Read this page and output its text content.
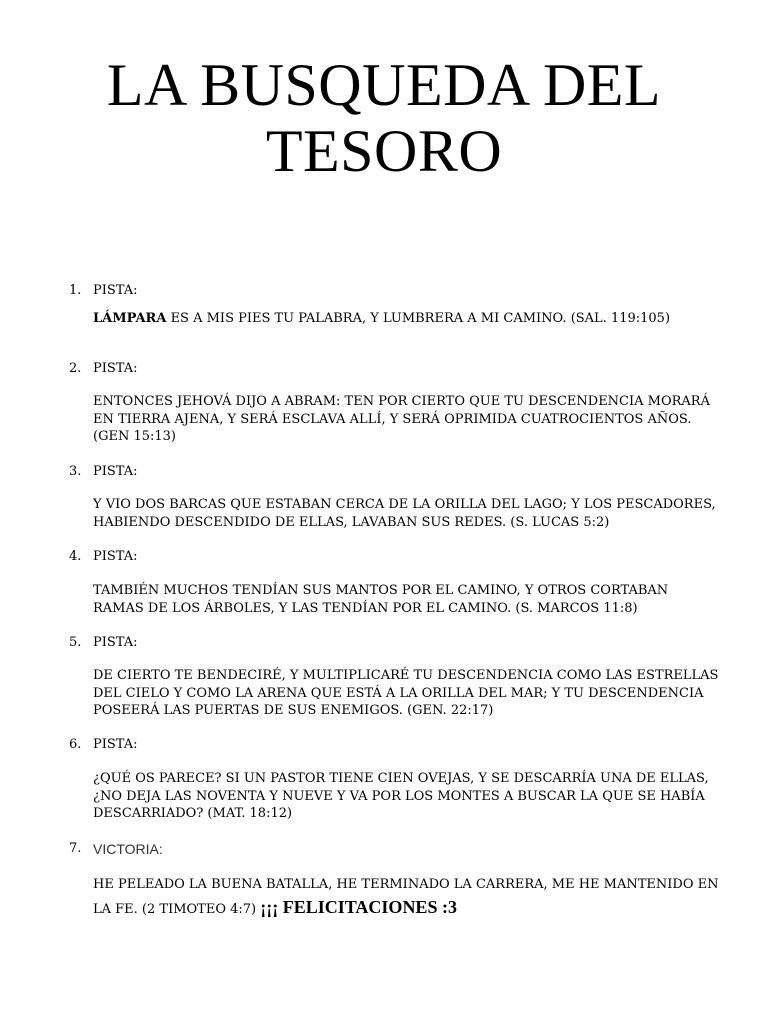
LA BUSQUEDA DEL
TESORO
1. PISTA:
LÁMPARA ES A MIS PIES TU PALABRA, Y LUMBRERA A MI CAMINO. (SAL. 119:105)
2. PISTA:
ENTONCES JEHOVÁ DIJO A ABRAM: TEN POR CIERTO QUE TU DESCENDENCIA MORARÁ EN TIERRA AJENA, Y SERÁ ESCLAVA ALLÍ, Y SERÁ OPRIMIDA CUATROCIENTOS AÑOS. (GEN 15:13)
3. PISTA:
Y VIO DOS BARCAS QUE ESTABAN CERCA DE LA ORILLA DEL LAGO; Y LOS PESCADORES, HABIENDO DESCENDIDO DE ELLAS, LAVABAN SUS REDES. (S. LUCAS 5:2)
4. PISTA:
TAMBIÉN MUCHOS TENDÍAN SUS MANTOS POR EL CAMINO, Y OTROS CORTABAN RAMAS DE LOS ÁRBOLES, Y LAS TENDÍAN POR EL CAMINO. (S. MARCOS 11:8)
5. PISTA:
DE CIERTO TE BENDECIRÉ, Y MULTIPLICARÉ TU DESCENDENCIA COMO LAS ESTRELLAS DEL CIELO Y COMO LA ARENA QUE ESTÁ A LA ORILLA DEL MAR; Y TU DESCENDENCIA POSEERÁ LAS PUERTAS DE SUS ENEMIGOS. (GEN. 22:17)
6. PISTA:
¿QUÉ OS PARECE? SI UN PASTOR TIENE CIEN OVEJAS, Y SE DESCARRÍA UNA DE ELLAS, ¿NO DEJA LAS NOVENTA Y NUEVE Y VA POR LOS MONTES A BUSCAR LA QUE SE HABÍA DESCARRIADO? (MAT. 18:12)
7. VICTORIA:
HE PELEADO LA BUENA BATALLA, HE TERMINADO LA CARRERA, ME HE MANTENIDO EN LA FE. (2 TIMOTEO 4:7) ¡¡¡ FELICITACIONES :3
